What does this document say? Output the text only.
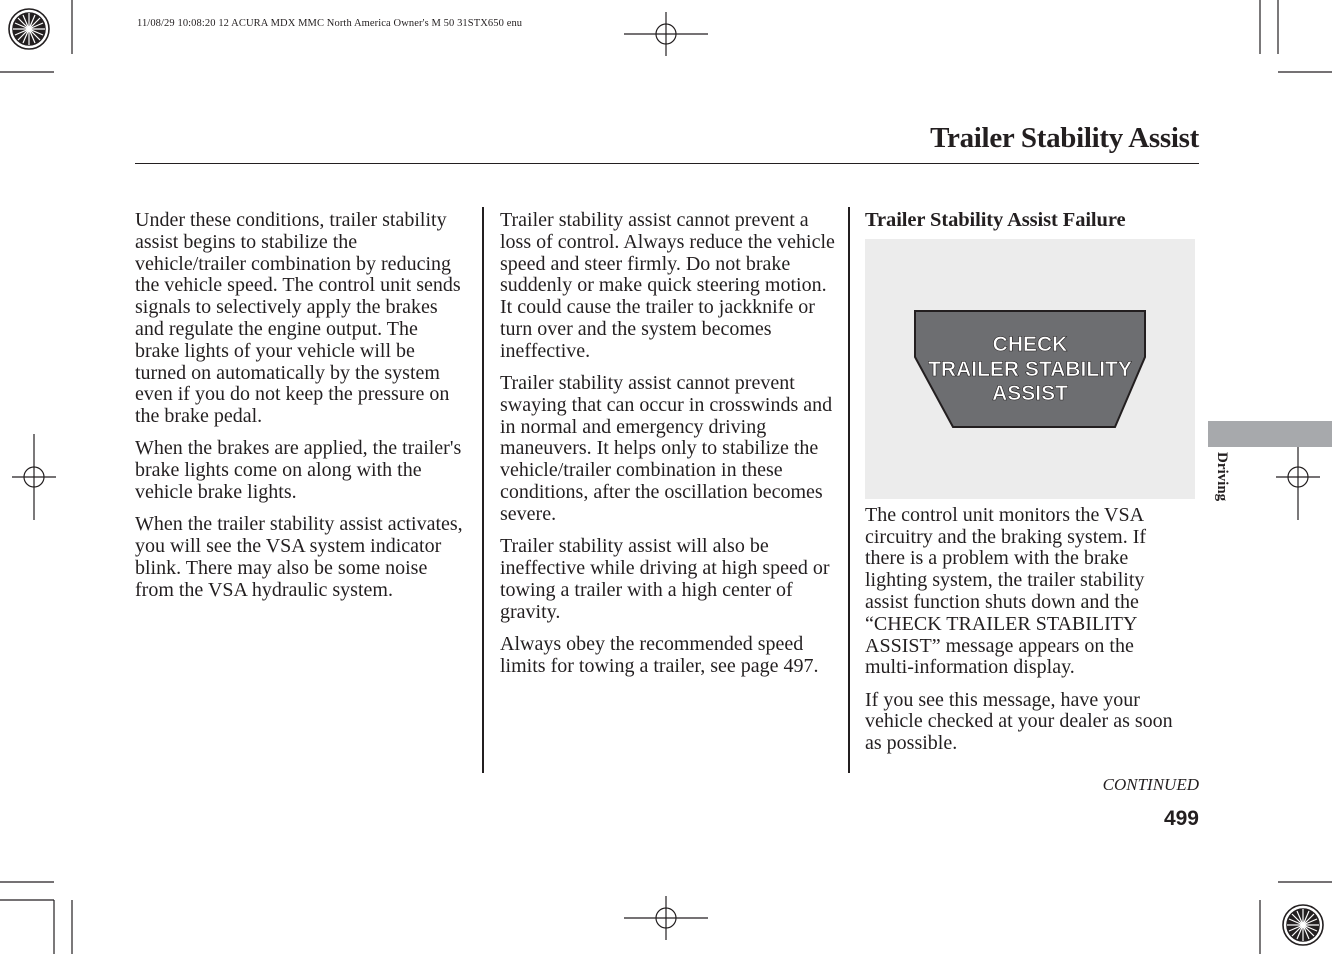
11/08/29 10:08:20 12 ACURA MDX MMC North America Owner's M 50 31STX650 enu
Trailer Stability Assist

Under these conditions, trailer stability assist begins to stabilize the vehicle/trailer combination by reducing the vehicle speed. The control unit sends signals to selectively apply the brakes and regulate the engine output. The brake lights of your vehicle will be turned on automatically by the system even if you do not keep the pressure on the brake pedal.

When the brakes are applied, the trailer's brake lights come on along with the vehicle brake lights.

When the trailer stability assist activates, you will see the VSA system indicator blink. There may also be some noise from the VSA hydraulic system.

Trailer stability assist cannot prevent a loss of control. Always reduce the vehicle speed and steer firmly. Do not brake suddenly or make quick steering motion. It could cause the trailer to jackknife or turn over and the system becomes ineffective.

Trailer stability assist cannot prevent swaying that can occur in crosswinds and in normal and emergency driving maneuvers. It helps only to stabilize the vehicle/trailer combination in these conditions, after the oscillation becomes severe.

Trailer stability assist will also be ineffective while driving at high speed or towing a trailer with a high center of gravity.

Always obey the recommended speed limits for towing a trailer, see page 497.

Trailer Stability Assist Failure
CHECK
TRAILER STABILITY
ASSIST

The control unit monitors the VSA circuitry and the braking system. If there is a problem with the brake lighting system, the trailer stability assist function shuts down and the “CHECK TRAILER STABILITY ASSIST” message appears on the multi-information display.

If you see this message, have your vehicle checked at your dealer as soon as possible.

CONTINUED
499
Driving
